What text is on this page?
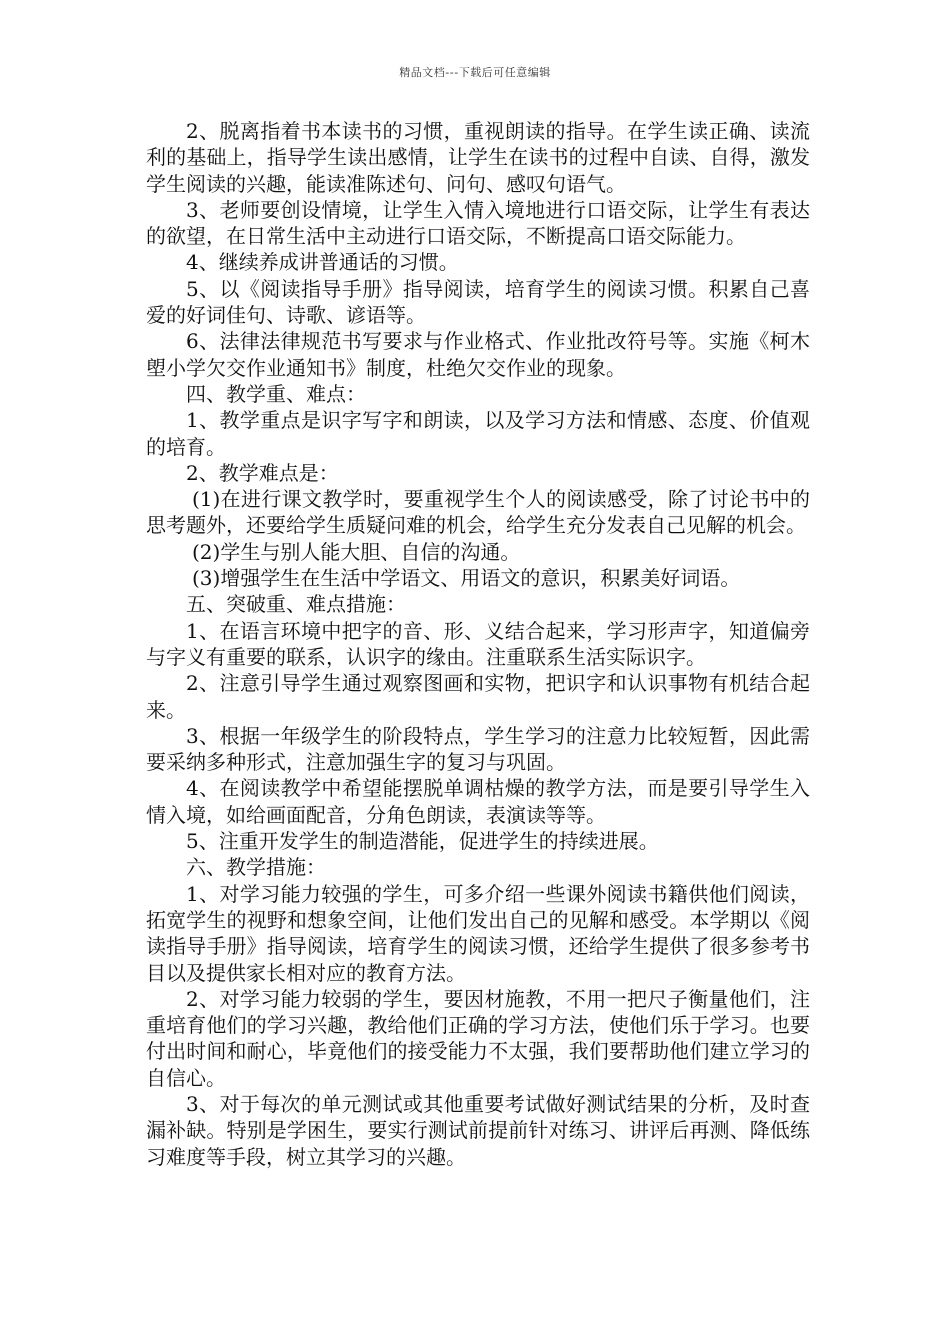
精品文档---下载后可任意编辑

2、脱离指着书本读书的习惯，重视朗读的指导。在学生读正确、读流利的基础上，指导学生读出感情，让学生在读书的过程中自读、自得，激发学生阅读的兴趣，能读准陈述句、问句、感叹句语气。

3、老师要创设情境，让学生入情入境地进行口语交际，让学生有表达的欲望，在日常生活中主动进行口语交际，不断提高口语交际能力。

4、继续养成讲普通话的习惯。

5、以《阅读指导手册》指导阅读，培育学生的阅读习惯。积累自己喜爱的好词佳句、诗歌、谚语等。

6、法律法律规范书写要求与作业格式、作业批改符号等。实施《柯木塱小学欠交作业通知书》制度，杜绝欠交作业的现象。

四、教学重、难点：

1、教学重点是识字写字和朗读，以及学习方法和情感、态度、价值观的培育。

2、教学难点是：

(1)在进行课文教学时，要重视学生个人的阅读感受，除了讨论书中的思考题外，还要给学生质疑问难的机会，给学生充分发表自己见解的机会。

(2)学生与别人能大胆、自信的沟通。

(3)增强学生在生活中学语文、用语文的意识，积累美好词语。

五、突破重、难点措施：

1、在语言环境中把字的音、形、义结合起来，学习形声字，知道偏旁与字义有重要的联系，认识字的缘由。注重联系生活实际识字。

2、注意引导学生通过观察图画和实物，把识字和认识事物有机结合起来。

3、根据一年级学生的阶段特点，学生学习的注意力比较短暂，因此需要采纳多种形式，注意加强生字的复习与巩固。

4、在阅读教学中希望能摆脱单调枯燥的教学方法，而是要引导学生入情入境，如给画面配音，分角色朗读，表演读等等。

5、注重开发学生的制造潜能，促进学生的持续进展。

六、教学措施：

1、对学习能力较强的学生，可多介绍一些课外阅读书籍供他们阅读，拓宽学生的视野和想象空间，让他们发出自己的见解和感受。本学期以《阅读指导手册》指导阅读，培育学生的阅读习惯，还给学生提供了很多参考书目以及提供家长相对应的教育方法。

2、对学习能力较弱的学生，要因材施教，不用一把尺子衡量他们，注重培育他们的学习兴趣，教给他们正确的学习方法，使他们乐于学习。也要付出时间和耐心，毕竟他们的接受能力不太强，我们要帮助他们建立学习的自信心。

3、对于每次的单元测试或其他重要考试做好测试结果的分析，及时查漏补缺。特别是学困生，要实行测试前提前针对练习、讲评后再测、降低练习难度等手段，树立其学习的兴趣。
